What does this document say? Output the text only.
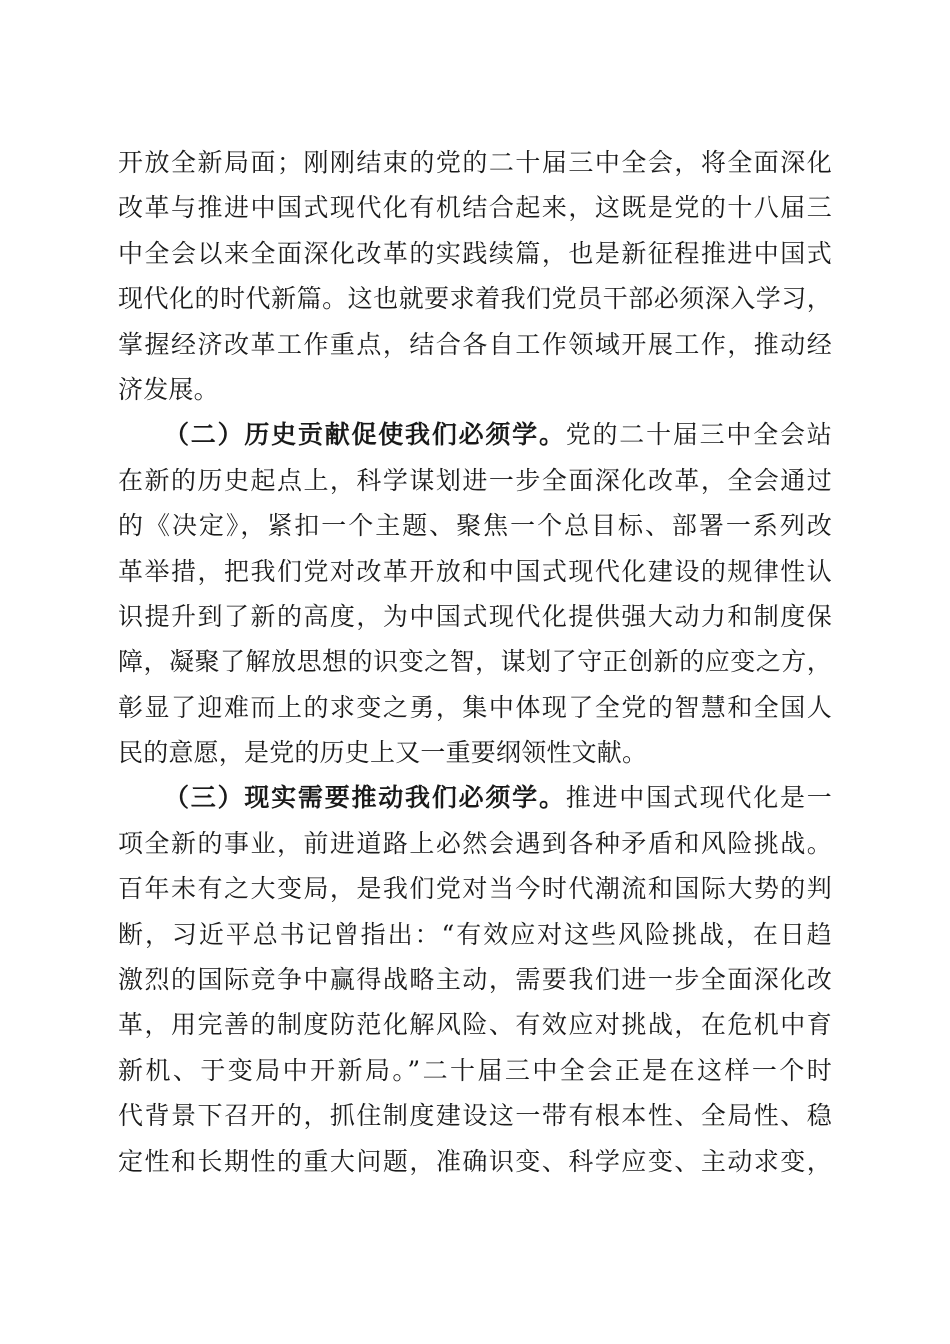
开放全新局面；刚刚结束的党的二十届三中全会，将全面深化
改革与推进中国式现代化有机结合起来，这既是党的十八届三
中全会以来全面深化改革的实践续篇，也是新征程推进中国式
现代化的时代新篇。这也就要求着我们党员干部必须深入学习，
掌握经济改革工作重点，结合各自工作领域开展工作，推动经
济发展。
（二）历史贡献促使我们必须学。党的二十届三中全会站
在新的历史起点上，科学谋划进一步全面深化改革，全会通过
的《决定》，紧扣一个主题、聚焦一个总目标、部署一系列改
革举措，把我们党对改革开放和中国式现代化建设的规律性认
识提升到了新的高度，为中国式现代化提供强大动力和制度保
障，凝聚了解放思想的识变之智，谋划了守正创新的应变之方，
彰显了迎难而上的求变之勇，集中体现了全党的智慧和全国人
民的意愿，是党的历史上又一重要纲领性文献。
（三）现实需要推动我们必须学。推进中国式现代化是一
项全新的事业，前进道路上必然会遇到各种矛盾和风险挑战。
百年未有之大变局，是我们党对当今时代潮流和国际大势的判
断，习近平总书记曾指出：“有效应对这些风险挑战，在日趋
激烈的国际竞争中赢得战略主动，需要我们进一步全面深化改
革，用完善的制度防范化解风险、有效应对挑战，在危机中育
新机、于变局中开新局。”二十届三中全会正是在这样一个时
代背景下召开的，抓住制度建设这一带有根本性、全局性、稳
定性和长期性的重大问题，准确识变、科学应变、主动求变，
